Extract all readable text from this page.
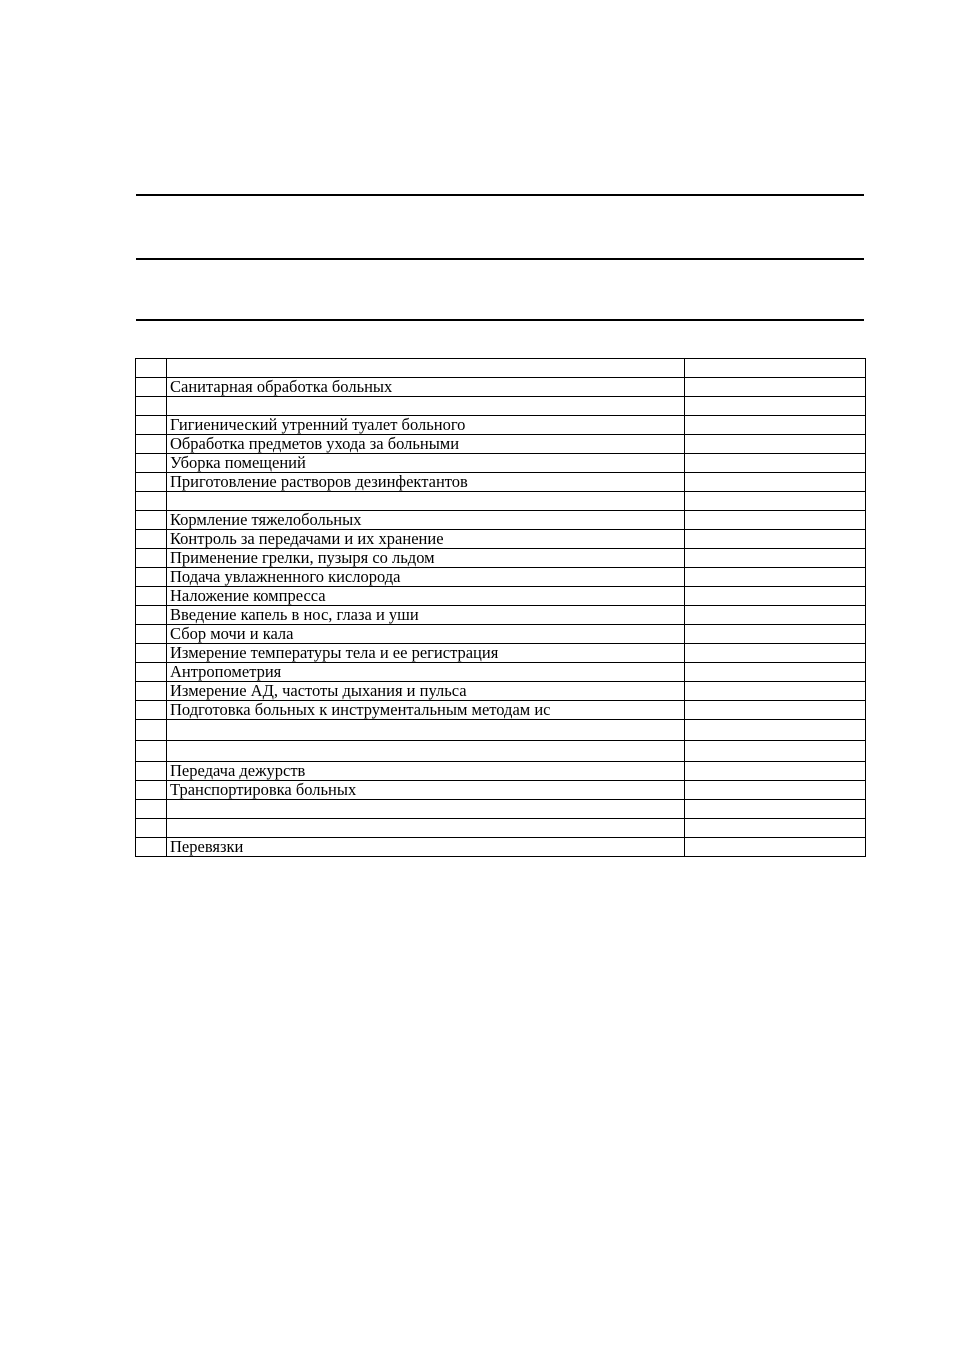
	Санитарная обработка больных	

	Гигиенический утренний туалет больного	
	Обработка предметов ухода за больными	
	Уборка помещений	
	Приготовление растворов дезинфектантов	

	Кормление тяжелобольных	
	Контроль за передачами и их хранение	
	Применение грелки, пузыря со льдом	
	Подача увлажненного кислорода	
	Наложение компресса	
	Введение капель в нос, глаза и уши	
	Сбор мочи и кала	
	Измерение температуры тела и ее регистрация	
	Антропометрия	
	Измерение АД, частоты дыхания и пульса	
	Подготовка больных к инструментальным методам ис	

	Передача дежурств	
	Транспортировка больных	

	Перевязки	
